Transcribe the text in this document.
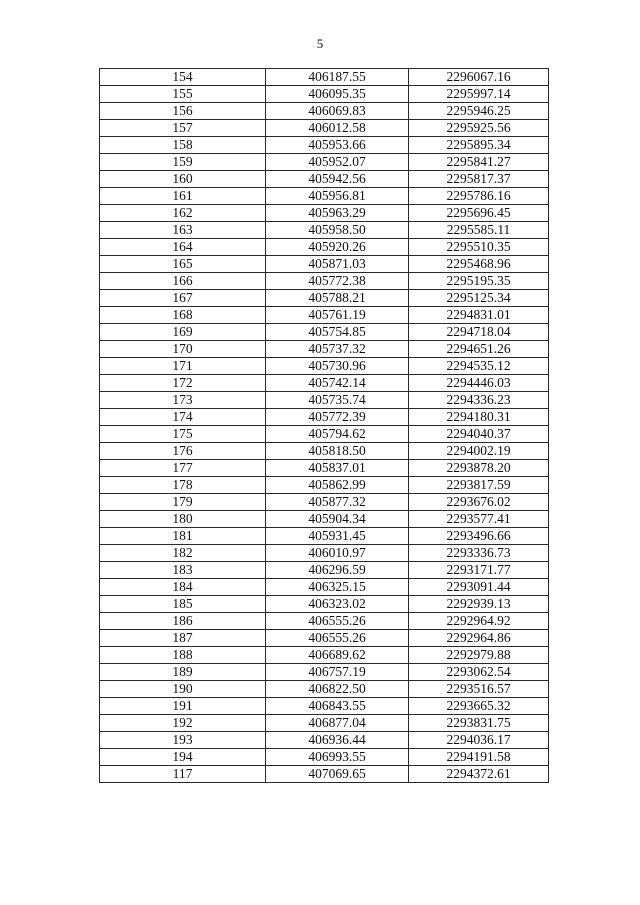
5
154	406187.55	2296067.16
155	406095.35	2295997.14
156	406069.83	2295946.25
157	406012.58	2295925.56
158	405953.66	2295895.34
159	405952.07	2295841.27
160	405942.56	2295817.37
161	405956.81	2295786.16
162	405963.29	2295696.45
163	405958.50	2295585.11
164	405920.26	2295510.35
165	405871.03	2295468.96
166	405772.38	2295195.35
167	405788.21	2295125.34
168	405761.19	2294831.01
169	405754.85	2294718.04
170	405737.32	2294651.26
171	405730.96	2294535.12
172	405742.14	2294446.03
173	405735.74	2294336.23
174	405772.39	2294180.31
175	405794.62	2294040.37
176	405818.50	2294002.19
177	405837.01	2293878.20
178	405862.99	2293817.59
179	405877.32	2293676.02
180	405904.34	2293577.41
181	405931.45	2293496.66
182	406010.97	2293336.73
183	406296.59	2293171.77
184	406325.15	2293091.44
185	406323.02	2292939.13
186	406555.26	2292964.92
187	406555.26	2292964.86
188	406689.62	2292979.88
189	406757.19	2293062.54
190	406822.50	2293516.57
191	406843.55	2293665.32
192	406877.04	2293831.75
193	406936.44	2294036.17
194	406993.55	2294191.58
117	407069.65	2294372.61
